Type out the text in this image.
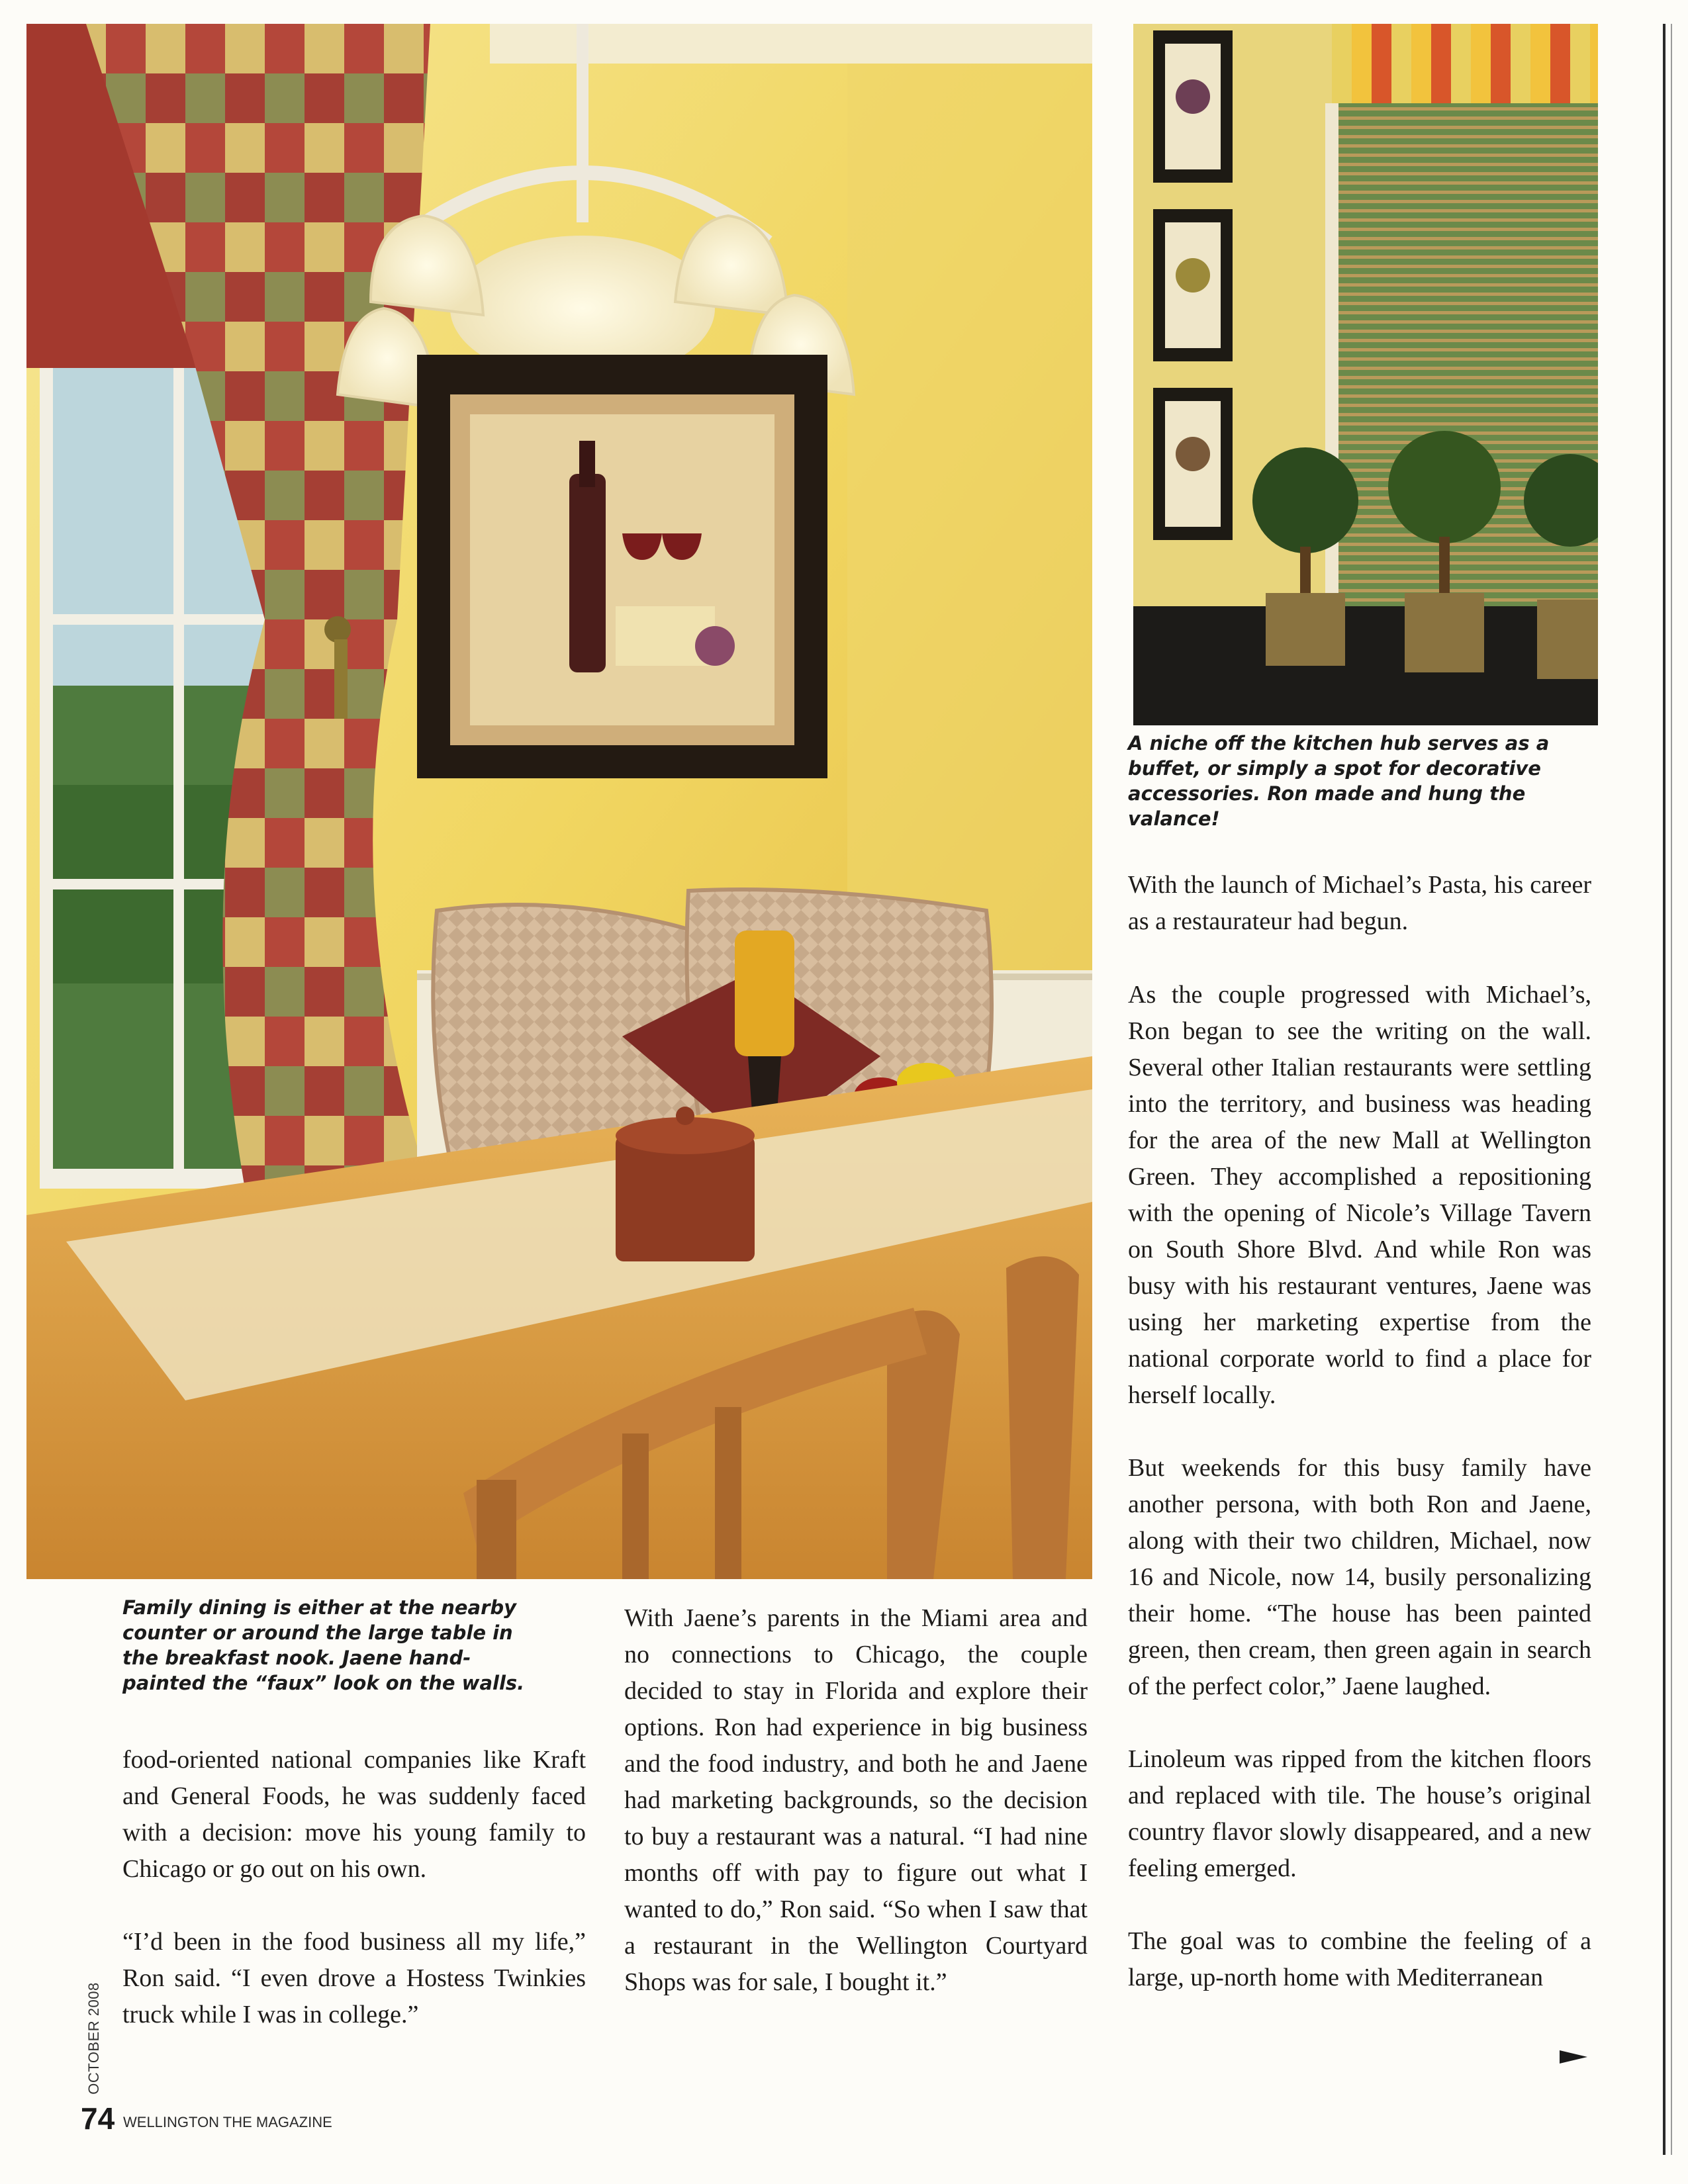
Family dining is either at the nearby counter or around the large table in the breakfast nook. Jaene hand-painted the “faux” look on the walls.

A niche off the kitchen hub serves as a buffet, or simply a spot for decorative accessories. Ron made and hung the valance!

food-oriented national companies like Kraft and General Foods, he was suddenly faced with a decision: move his young family to Chicago or go out on his own.

“I’d been in the food business all my life,” Ron said. “I even drove a Hostess Twinkies truck while I was in college.”

With Jaene’s parents in the Miami area and no connections to Chicago, the couple decided to stay in Florida and explore their options. Ron had experience in big business and the food industry, and both he and Jaene had marketing backgrounds, so the decision to buy a restaurant was a natural. “I had nine months off with pay to figure out what I wanted to do,” Ron said. “So when I saw that a restaurant in the Wellington Courtyard Shops was for sale, I bought it.”

With the launch of Michael’s Pasta, his career as a restaurateur had begun.

As the couple progressed with Michael’s, Ron began to see the writing on the wall. Several other Italian restaurants were settling into the territory, and business was heading for the area of the new Mall at Wellington Green. They accomplished a repositioning with the opening of Nicole’s Village Tavern on South Shore Blvd. And while Ron was busy with his restaurant ventures, Jaene was using her marketing expertise from the national corporate world to find a place for herself locally.

But weekends for this busy family have another persona, with both Ron and Jaene, along with their two children, Michael, now 16 and Nicole, now 14, busily personalizing their home. “The house has been painted green, then cream, then green again in search of the perfect color,” Jaene laughed.

Linoleum was ripped from the kitchen floors and replaced with tile. The house’s original country flavor slowly disappeared, and a new feeling emerged.

The goal was to combine the feeling of a large, up-north home with Mediterranean

OCTOBER 2008
74 WELLINGTON THE MAGAZINE
